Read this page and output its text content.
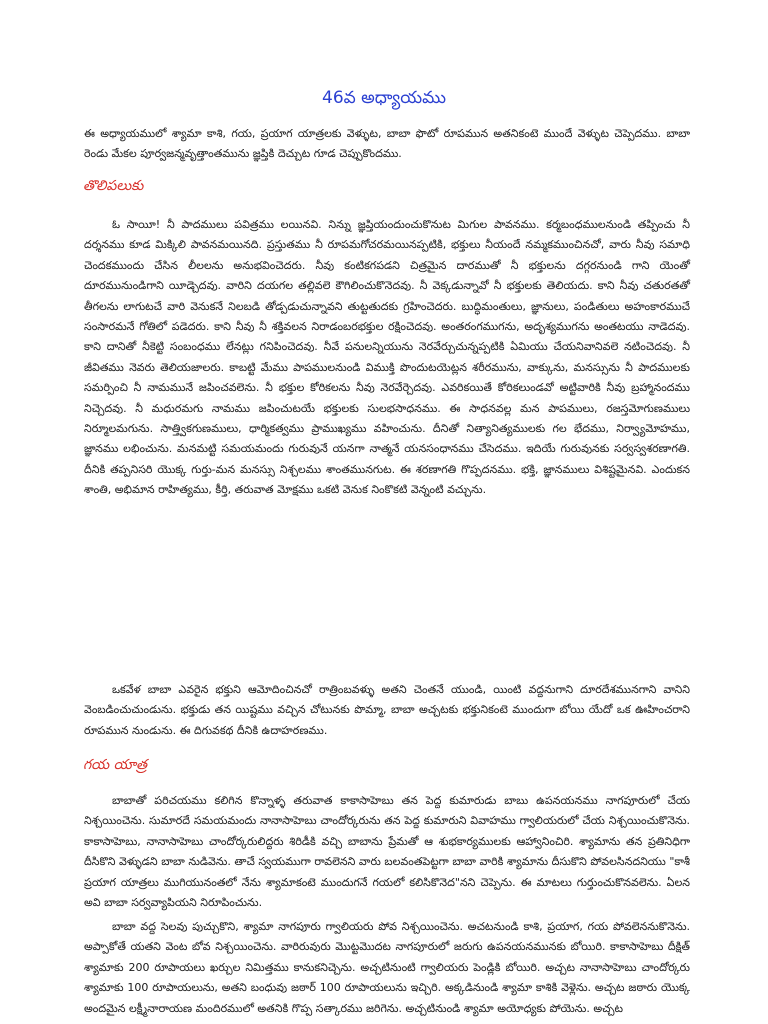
46వ అధ్యాయము

ఈ అధ్యాయములో శ్యామా కాశి, గయ, ప్రయాగ యాత్రలకు వెళ్ళుట, బాబా ఫొటో రూపమున అతనికంటె ముందే వెళ్ళుట చెప్పెదము. బాబా రెండు మేకల పూర్వజన్మవృత్తాంతమును జ్ఞప్తికి దెచ్చుట గూడ చెప్పుకొందము.

తొలిపలుకు

ఓ సాయీ! నీ పాదములు పవిత్రము లయినవి. నిన్ను జ్ఞప్తియందుంచుకొనుట మిగుల పావనము. కర్మబంధములనుండి తప్పించు నీ దర్శనము కూడ మిక్కిలి పావనమయినది. ప్రస్తుతము నీ రూపమగోచరమయినప్పటికి, భక్తులు నీయందే నమ్మకముంచినచో, వారు నీవు సమాధి చెందకముందు చేసిన లీలలను అనుభవించెదరు. నీవు కంటికగపడని చిత్రమైన దారముతో నీ భక్తులను దగ్గరనుండి గాని యెంతో దూరమునుండిగాని యీడ్చెదవు. వారిని దయగల తల్లివలె కౌగిలించుకొనెదవు. నీ వెక్కడున్నావో నీ భక్తులకు తెలియదు. కాని నీవు చతురతతో తీగలను లాగుటచే వారి వెనుకనే నిలబడి తోడ్పడుచున్నావని తుట్టతుదకు గ్రహించెదరు. బుద్ధిమంతులు, జ్ఞానులు, పండితులు అహంకారముచే సంసారమనే గోతిలో పడెదరు. కాని నీవు నీ శక్తివలన నిరాడంబరభక్తుల రక్షించెదవు. అంతరంగముగను, అదృశ్యముగను అంతటయు నాడెదవు. కాని దానితో నీకెట్టి సంబంధము లేనట్లు గనిపించెదవు. నీవే పనులన్నియును నెరవేర్చుచున్నప్పటికి ఏమియు చేయనివానివలె నటించెదవు. నీ జీవితము నెవరు తెలియజాలరు. కాబట్టి మేము పాపములనుండి విముక్తి పొందుటయెట్లన శరీరమును, వాక్కును, మనస్సును నీ పాదములకు సమర్పించి నీ నామమునే జపించవలెను. నీ భక్తుల కోరికలను నీవు నెరవేర్చెదవు. ఎవరికయితే కోరికలుండవో అట్టివారికి నీవు బ్రహ్మానందము నిచ్చెదవు. నీ మధురమగు నామము జపించుటయే భక్తులకు సులభసాధనము. ఈ సాధనవల్ల మన పాపములు, రజస్తమోగుణములు నిర్మూలమగును. సాత్త్వికగుణములు, ధార్మికత్వము ప్రాముఖ్యము వహించును. దీనితో నిత్యానిత్యములకు గల భేదము, నిర్వ్యామోహము, జ్ఞానము లభించును. మనమట్టి సమయమందు గురువునే యనగా నాత్మనే యనసంధానము చేసెదము. ఇదియే గురువునకు సర్వస్వశరణాగతి. దీనికి తప్పనిసరి యొక్క గుర్తు-మన మనస్సు నిశ్చలము శాంతమునగుట. ఈ శరణాగతి గొప్పదనము. భక్తి, జ్ఞానములు విశిష్టమైనవి. ఎందుకన శాంతి, అభిమాన రాహిత్యము, కీర్తి, తరువాత మోక్షము ఒకటి వెనుక నింకొకటి వెన్నంటి వచ్చును.

ఒకవేళ బాబా ఎవరైన భక్తుని ఆమోదించినచో రాత్రింబవళ్ళు అతని చెంతనే యుండి, యింటి వద్దనుగాని దూరదేశమునగాని వానిని వెంబడించుచుండును. భక్తుడు తన యిష్టము వచ్చిన చోటునకు పొమ్మా, బాబా అచ్చటకు భక్తునికంటె ముందుగా బోయి యేదో ఒక ఊహించరాని రూపమున నుండును. ఈ దిగువకథ దీనికి ఉదాహరణము.

గయ యాత్ర

బాబాతో పరిచయము కలిగిన కొన్నాళ్ళ తరువాత కాకాసాహెబు తన పెద్ద కుమారుడు బాబు ఉపనయనము నాగపూరులో చేయ నిశ్చయించెను. సుమారదే సమయమందు నానాసాహెబు చాందోర్కరును తన పెద్ద కుమారుని వివాహము గ్వాలియరులో చేయ నిశ్చయించుకొనెను. కాకాసాహెబు, నానాసాహెబు చాందోర్కరులిద్దరు శిరిడీకి వచ్చి బాబాను ప్రేమతో ఆ శుభకార్యములకు ఆహ్వానించిరి. శ్యామాను తన ప్రతినిధిగా దీసికొని వెళ్ళుడని బాబా నుడివెను. తాచే స్వయముగా రావలెనని వారు బలవంతపెట్టగా బాబా వారికి శ్యామాను దీసుకొని పోవలసినదనియు "కాశీ ప్రయాగ యాత్రలు ముగియునంతలో నేను శ్యామాకంటె ముందుగనే గయలో కలిసికొనెద"నని చెప్పెను. ఈ మాటలు గుర్తుంచుకొనవలెను. ఏలన అవి బాబా సర్వవ్యాపియని నిరూపించును.

బాబా వద్ద సెలవు పుచ్చుకొని, శ్యామా నాగపూరు గ్వాలియరు పోవ నిశ్చయించెను. అచటనుండి కాశి, ప్రయాగ, గయ పోవలెననుకొనెను. అప్పాకోతే యతని వెంట బోవ నిశ్చయించెను. వారిరువురు మొట్టమొదట నాగపూరులో జరుగు ఉపనయనమునకు బోయిరి. కాకాసాహెబు దీక్షిత్ శ్యామాకు 200 రూపాయలు ఖర్చుల నిమిత్తము కానుకనిచ్చెను. అచ్చటినుంటి గ్వాలియరు పెండ్లికి బోయిరి. అచ్చట నానాసాహెబు చాందోర్కరు శ్యామాకు 100 రూపాయలును, అతని బంధువు జఠార్ 100 రూపాయలును ఇచ్చిరి. అక్కడినుండి శ్యామా కాశికి వెళ్లెను. అచ్చట జఠారు యొక్క అందమైన లక్ష్మీనారాయణ మందిరములో అతనికి గొప్ప సత్కారము జరిగెను. అచ్చటినుండి శ్యామా అయోధ్యకు పోయెను. అచ్చట
